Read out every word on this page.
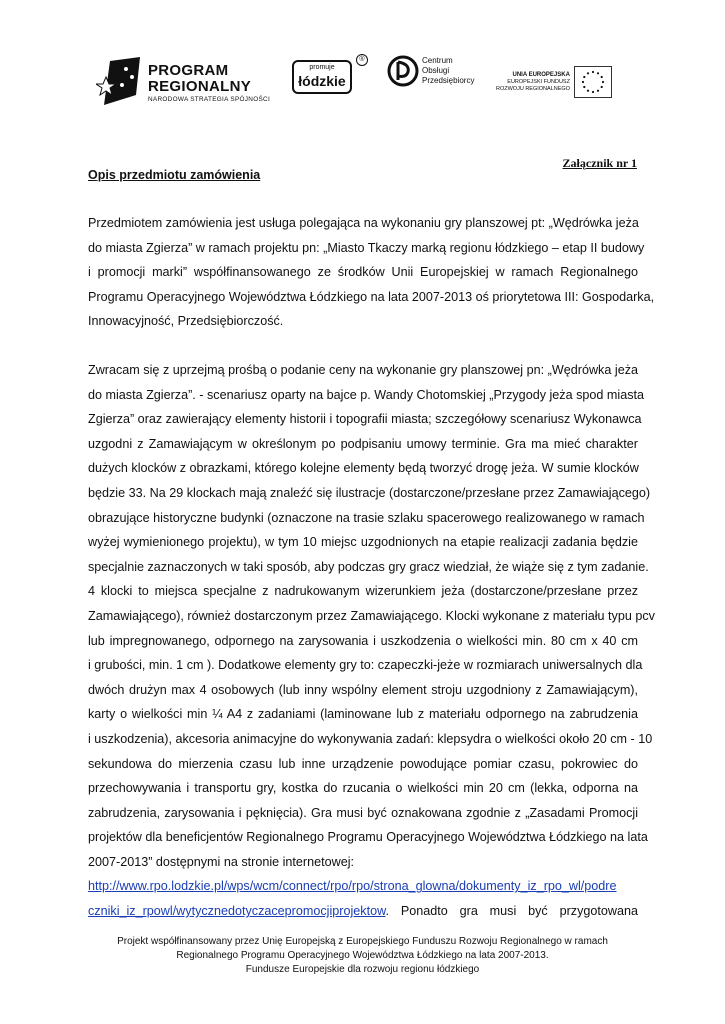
PROGRAM
REGIONALNY
NARODOWA STRATEGIA SPÓJNOŚCI
promuje
łódzkie
®	Centrum
Obsługi
Przedsiębiorcy
UNIA EUROPEJSKA
EUROPEJSKI FUNDUSZ
ROZWOJU REGIONALNEGO
Załącznik nr 1
Opis przedmiotu zamówienia

Przedmiotem zamówienia jest usługa polegająca na wykonaniu gry planszowej pt: „Wędrówka jeża
do miasta Zgierza” w ramach projektu pn: „Miasto Tkaczy marką regionu łódzkiego – etap II budowy
i promocji marki” współfinansowanego ze środków Unii Europejskiej w ramach Regionalnego
Programu Operacyjnego Województwa Łódzkiego na lata 2007-2013 oś priorytetowa III: Gospodarka,
Innowacyjność, Przedsiębiorczość.

Zwracam się z uprzejmą prośbą o podanie ceny na wykonanie gry planszowej pn: „Wędrówka jeża
do miasta Zgierza”. - scenariusz oparty na bajce p. Wandy Chotomskiej „Przygody jeża spod miasta
Zgierza” oraz zawierający elementy historii i topografii miasta; szczegółowy scenariusz Wykonawca
uzgodni z Zamawiającym w określonym po podpisaniu umowy terminie. Gra ma mieć charakter
dużych klocków z obrazkami, którego kolejne elementy będą tworzyć drogę jeża. W sumie klocków
będzie 33. Na 29 klockach mają znaleźć się ilustracje (dostarczone/przesłane przez Zamawiającego)
obrazujące historyczne budynki (oznaczone na trasie szlaku spacerowego realizowanego w ramach
wyżej wymienionego projektu), w tym 10 miejsc uzgodnionych na etapie realizacji zadania będzie
specjalnie zaznaczonych w taki sposób, aby podczas gry gracz wiedział, że wiąże się z tym zadanie.
4 klocki to miejsca specjalne z nadrukowanym wizerunkiem jeża (dostarczone/przesłane przez
Zamawiającego), również dostarczonym przez Zamawiającego. Klocki wykonane z materiału typu pcv
lub impregnowanego, odpornego na zarysowania i uszkodzenia o wielkości min. 80 cm x 40 cm
i grubości, min. 1 cm ). Dodatkowe elementy gry to: czapeczki-jeże w rozmiarach uniwersalnych dla
dwóch drużyn max 4 osobowych (lub inny wspólny element stroju uzgodniony z Zamawiającym),
karty o wielkości min ¼ A4 z zadaniami (laminowane lub z materiału odpornego na zabrudzenia
i uszkodzenia), akcesoria animacyjne do wykonywania zadań: klepsydra o wielkości około 20 cm - 10
sekundowa do mierzenia czasu lub inne urządzenie powodujące pomiar czasu, pokrowiec do
przechowywania i transportu gry, kostka do rzucania o wielkości min 20 cm (lekka, odporna na
zabrudzenia, zarysowania i pęknięcia). Gra musi być oznakowana zgodnie z „Zasadami Promocji
projektów dla beneficjentów Regionalnego Programu Operacyjnego Województwa Łódzkiego na lata
2007-2013” dostępnymi na stronie internetowej:
http://www.rpo.lodzkie.pl/wps/wcm/connect/rpo/rpo/strona_glowna/dokumenty_iz_rpo_wl/podre
czniki_iz_rpowl/wytycznedotyczacepromocjiprojektow. Ponadto gra musi być przygotowana

Projekt współfinansowany przez Unię Europejską z Europejskiego Funduszu Rozwoju Regionalnego w ramach
Regionalnego Programu Operacyjnego Województwa Łódzkiego na lata 2007-2013.
Fundusze Europejskie dla rozwoju regionu łódzkiego
